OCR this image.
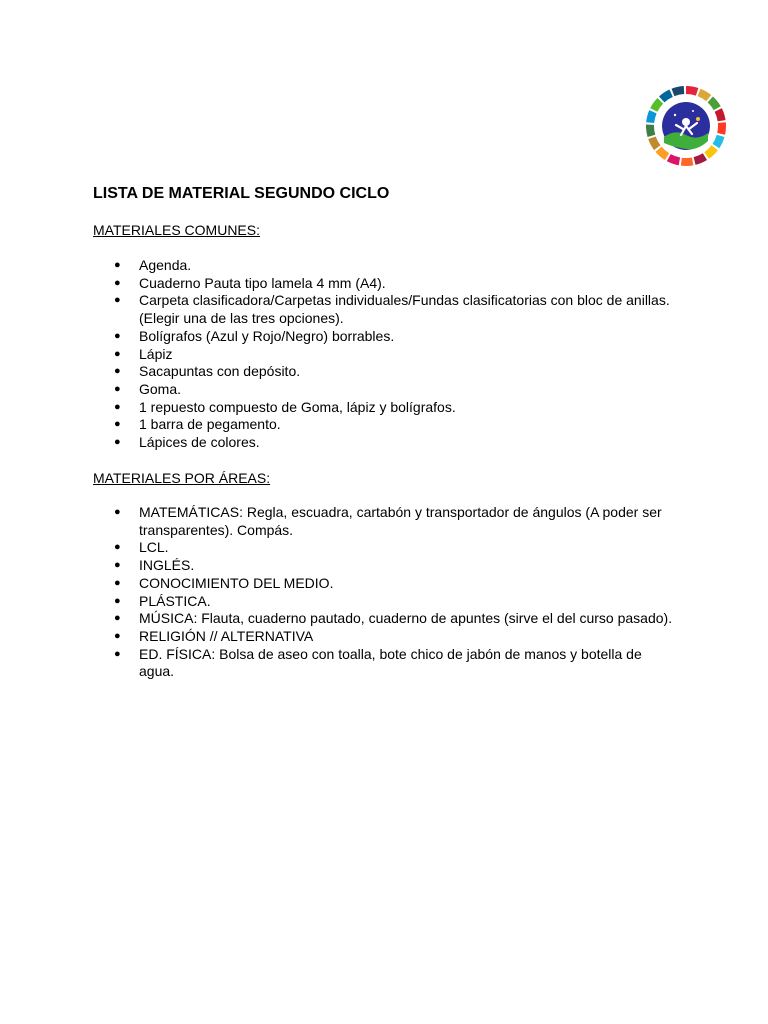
LISTA DE MATERIAL SEGUNDO CICLO

MATERIALES COMUNES:

● Agenda.
● Cuaderno Pauta tipo lamela 4 mm (A4).
● Carpeta clasificadora/Carpetas individuales/Fundas clasificatorias con bloc de anillas. (Elegir una de las tres opciones).
● Bolígrafos (Azul y Rojo/Negro) borrables.
● Lápiz
● Sacapuntas con depósito.
● Goma.
● 1 repuesto compuesto de Goma, lápiz y bolígrafos.
● 1 barra de pegamento.
● Lápices de colores.

MATERIALES POR ÁREAS:

● MATEMÁTICAS: Regla, escuadra, cartabón y transportador de ángulos (A poder ser transparentes). Compás.
● LCL.
● INGLÉS.
● CONOCIMIENTO DEL MEDIO.
● PLÁSTICA.
● MÚSICA: Flauta, cuaderno pautado, cuaderno de apuntes (sirve el del curso pasado).
● RELIGIÓN // ALTERNATIVA
● ED. FÍSICA: Bolsa de aseo con toalla, bote chico de jabón de manos y botella de agua.
